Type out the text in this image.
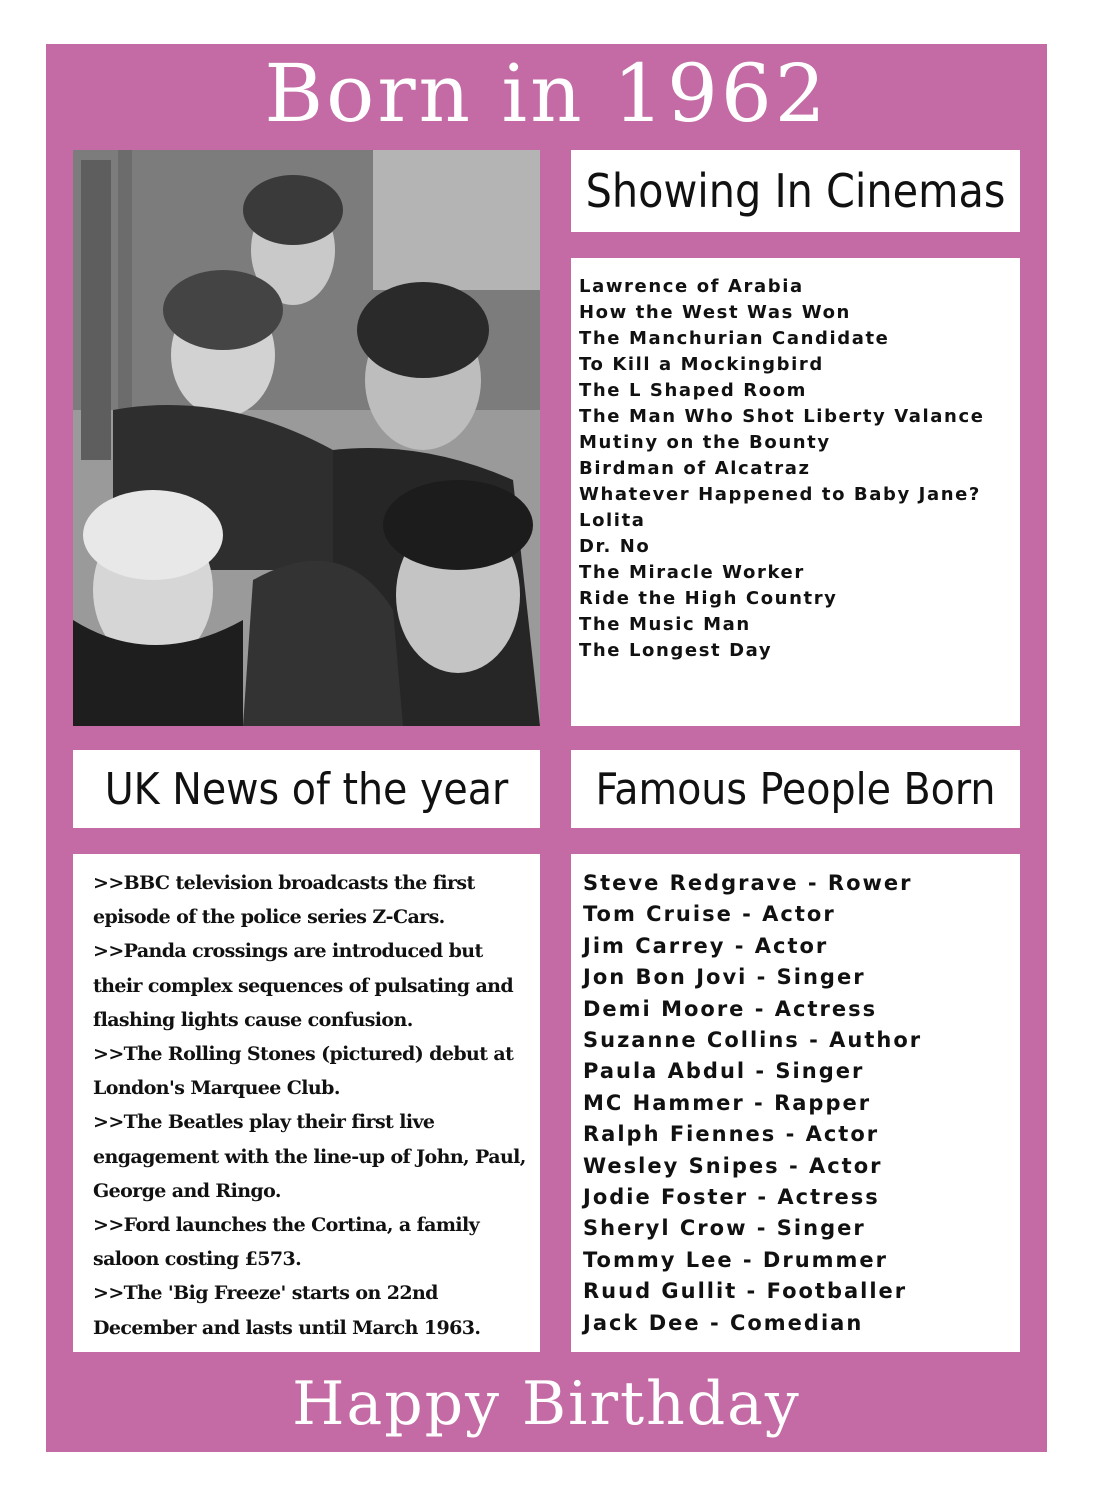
Born in 1962
Showing In Cinemas
Lawrence of Arabia
How the West Was Won
The Manchurian Candidate
To Kill a Mockingbird
The L Shaped Room
The Man Who Shot Liberty Valance
Mutiny on the Bounty
Birdman of Alcatraz
Whatever Happened to Baby Jane?
Lolita
Dr. No
The Miracle Worker
Ride the High Country
The Music Man
The Longest Day
UK News of the year	Famous People Born

>>BBC television broadcasts the first episode of the police series Z-Cars.

>>Panda crossings are introduced but their complex sequences of pulsating and flashing lights cause confusion.

>>The Rolling Stones (pictured) debut at London's Marquee Club.

>>The Beatles play their first live engagement with the line-up of John, Paul, George and Ringo.

>>Ford launches the Cortina, a family saloon costing £573.

>>The 'Big Freeze' starts on 22nd December and lasts until March 1963.

Steve Redgrave - Rower
Tom Cruise - Actor
Jim Carrey - Actor
Jon Bon Jovi - Singer
Demi Moore - Actress
Suzanne Collins - Author
Paula Abdul - Singer
MC Hammer - Rapper
Ralph Fiennes - Actor
Wesley Snipes - Actor
Jodie Foster - Actress
Sheryl Crow - Singer
Tommy Lee - Drummer
Ruud Gullit - Footballer
Jack Dee - Comedian
Happy Birthday
